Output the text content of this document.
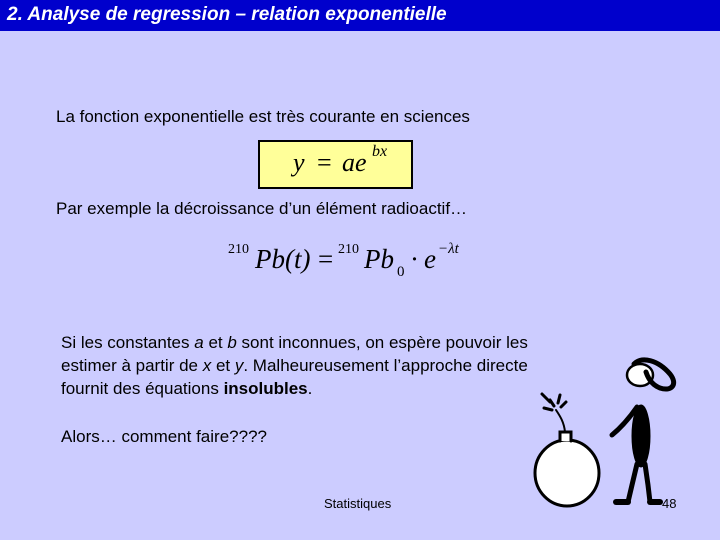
2. Analyse de regression – relation exponentielle
La fonction exponentielle est très courante en sciences
y = ae bx
Par exemple la décroissance d’un élément radioactif…
210 Pb(t) = 210 Pb 0 · e −λt
Si les constantes a et b sont inconnues, on espère pouvoir les
estimer à partir de x et y. Malheureusement l’approche directe
fournit des équations insolubles.
Alors… comment faire????
Statistiques	48
